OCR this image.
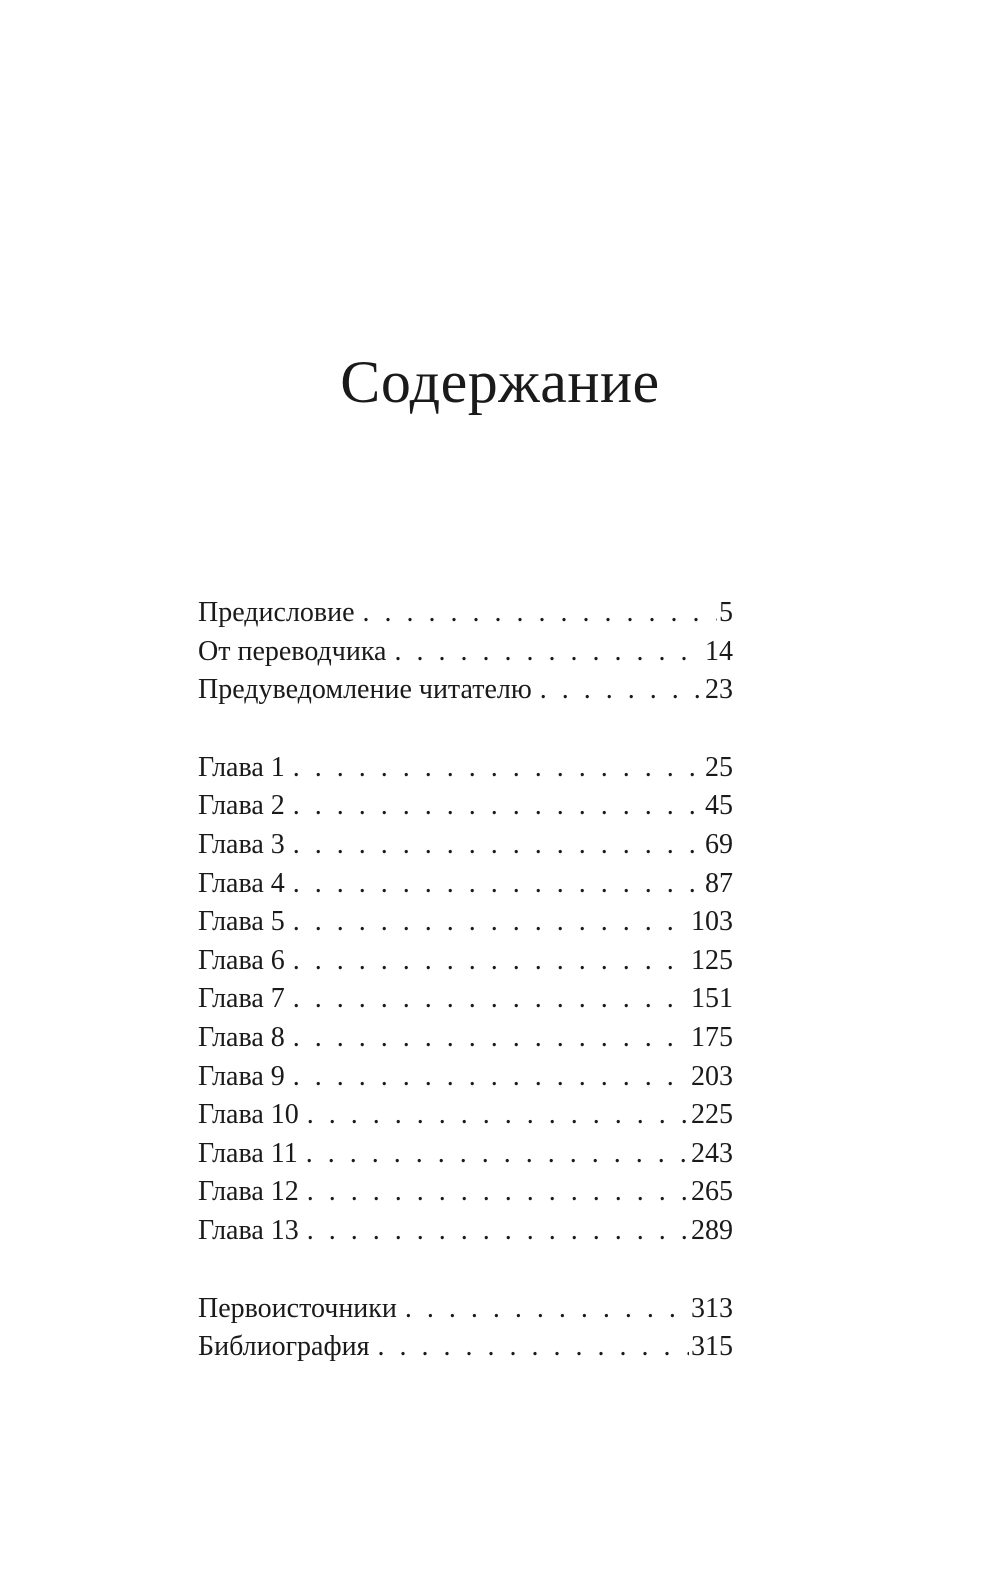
Содержание
Предисловие . . .	5
От переводчика . . .	14
Предуведомление читателю . . .	23
Глава 1 . . .	25
Глава 2 . . .	45
Глава 3 . . .	69
Глава 4 . . .	87
Глава 5 . . .	103
Глава 6 . . .	125
Глава 7 . . .	151
Глава 8 . . .	175
Глава 9 . . .	203
Глава 10 . . .	225
Глава 11 . . .	243
Глава 12 . . .	265
Глава 13 . . .	289
Первоисточники . . .	313
Библиография . . .	315
